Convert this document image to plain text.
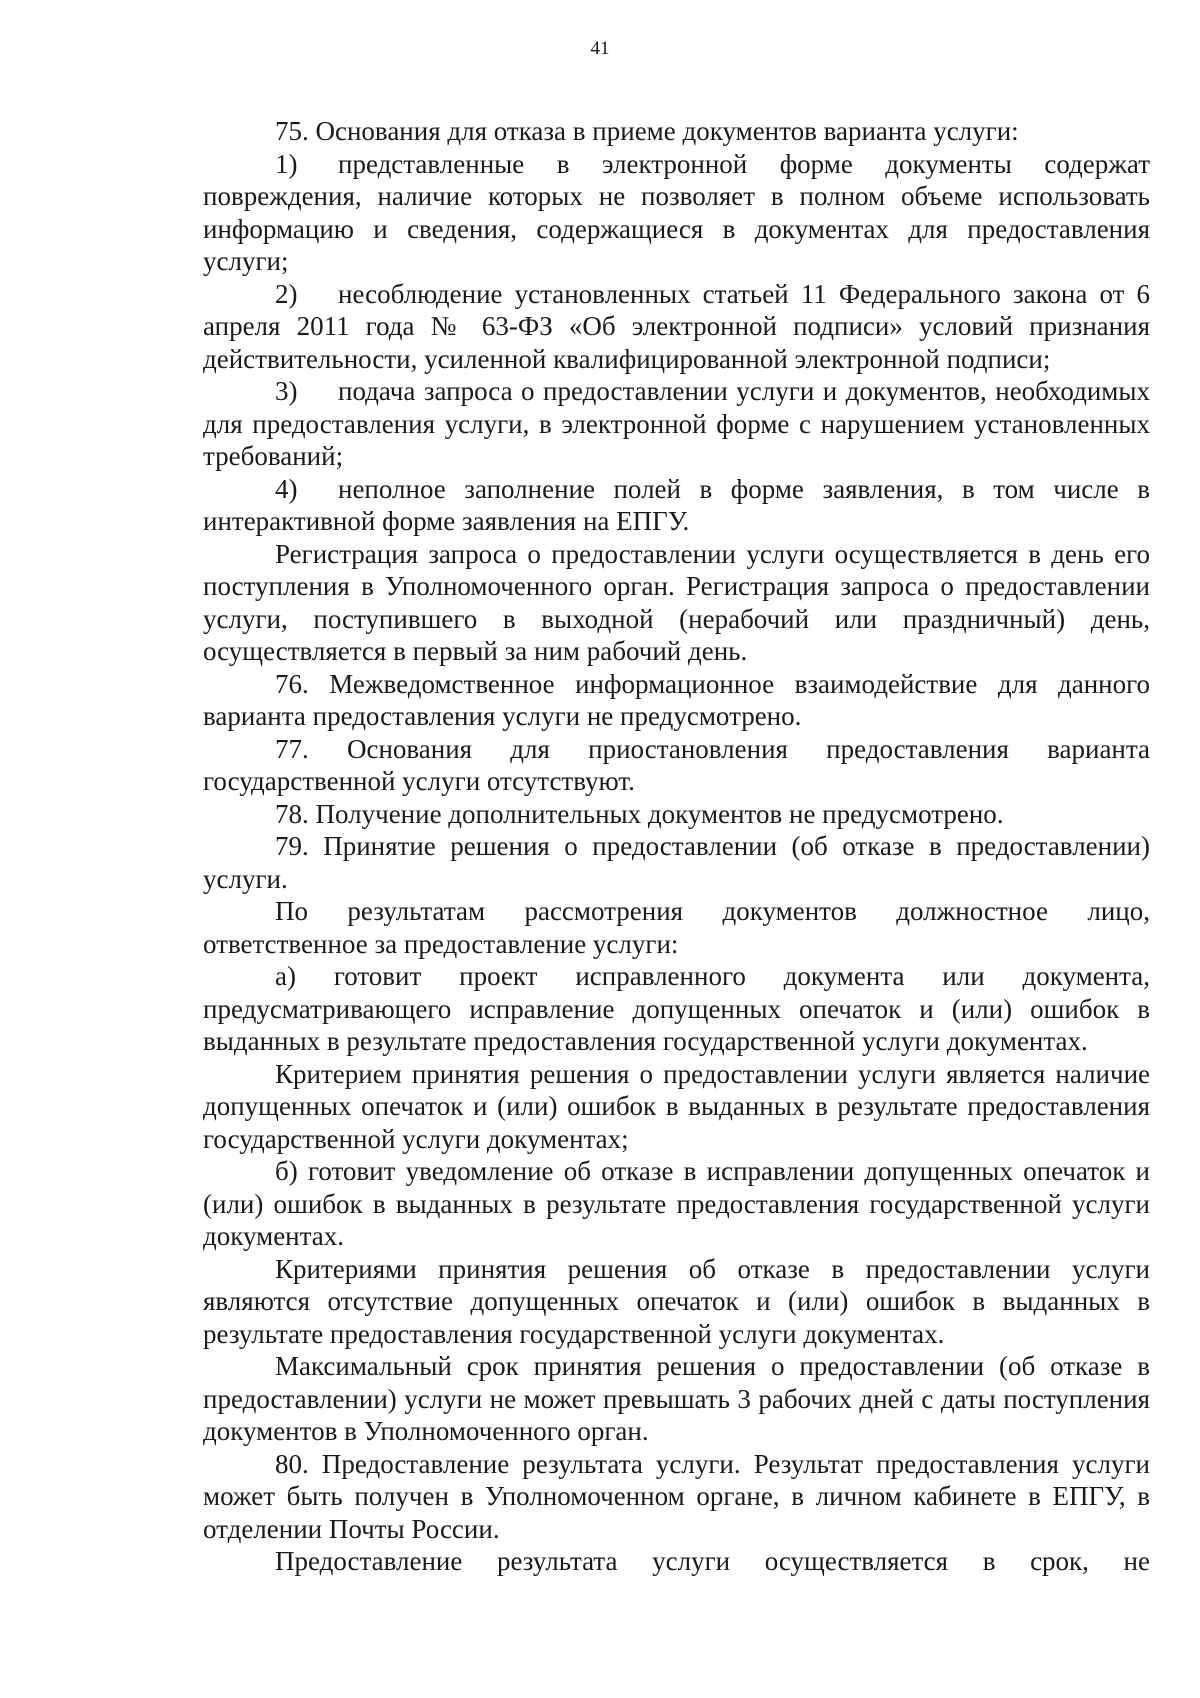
41

75. Основания для отказа в приеме документов варианта услуги:

1)  представленные в электронной форме документы содержат повреждения, наличие которых не позволяет в полном объеме использовать информацию и сведения, содержащиеся в документах для предоставления услуги;

2)  несоблюдение установленных статьей 11 Федерального закона от 6 апреля 2011 года № 63-ФЗ «Об электронной подписи» условий признания действительности, усиленной квалифицированной электронной подписи;

3)  подача запроса о предоставлении услуги и документов, необходимых для предоставления услуги, в электронной форме с нарушением установленных требований;

4)  неполное заполнение полей в форме заявления, в том числе в интерактивной форме заявления на ЕПГУ.

Регистрация запроса о предоставлении услуги осуществляется в день его поступления в Уполномоченного орган. Регистрация запроса о предоставлении услуги, поступившего в выходной (нерабочий или праздничный) день, осуществляется в первый за ним рабочий день.

76. Межведомственное информационное взаимодействие для данного варианта предоставления услуги не предусмотрено.

77. Основания для приостановления предоставления варианта государственной услуги отсутствуют.

78. Получение дополнительных документов не предусмотрено.

79. Принятие решения о предоставлении (об отказе в предоставлении) услуги.

По результатам рассмотрения документов должностное лицо, ответственное за предоставление услуги:

а) готовит проект исправленного документа или документа, предусматривающего исправление допущенных опечаток и (или) ошибок в выданных в результате предоставления государственной услуги документах.

Критерием принятия решения о предоставлении услуги является наличие допущенных опечаток и (или) ошибок в выданных в результате предоставления государственной услуги документах;

б) готовит уведомление об отказе в исправлении допущенных опечаток и (или) ошибок в выданных в результате предоставления государственной услуги документах.

Критериями принятия решения об отказе в предоставлении услуги являются отсутствие допущенных опечаток и (или) ошибок в выданных в результате предоставления государственной услуги документах.

Максимальный срок принятия решения о предоставлении (об отказе в предоставлении) услуги не может превышать 3 рабочих дней с даты поступления документов в Уполномоченного орган.

80. Предоставление результата услуги. Результат предоставления услуги может быть получен в Уполномоченном органе, в личном кабинете в ЕПГУ, в отделении Почты России.

Предоставление результата услуги осуществляется в срок, не
